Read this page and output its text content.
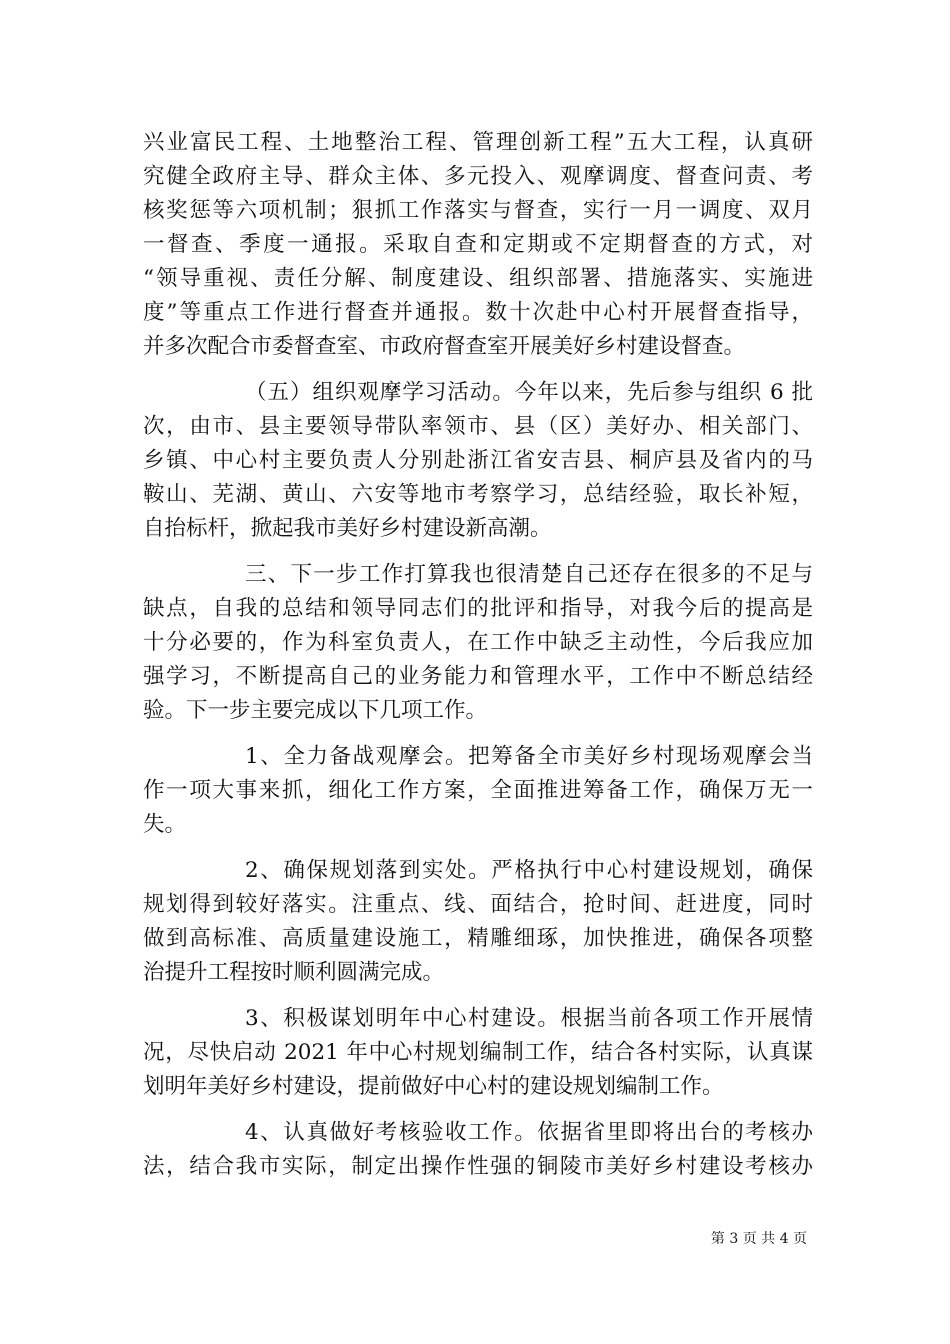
兴业富民工程、土地整治工程、管理创新工程”五大工程，认真研
究健全政府主导、群众主体、多元投入、观摩调度、督查问责、考
核奖惩等六项机制；狠抓工作落实与督查，实行一月一调度、双月
一督查、季度一通报。采取自查和定期或不定期督查的方式，对
“领导重视、责任分解、制度建设、组织部署、措施落实、实施进
度”等重点工作进行督查并通报。数十次赴中心村开展督查指导，
并多次配合市委督查室、市政府督查室开展美好乡村建设督查。
（五）组织观摩学习活动。今年以来，先后参与组织 6 批
次，由市、县主要领导带队率领市、县（区）美好办、相关部门、
乡镇、中心村主要负责人分别赴浙江省安吉县、桐庐县及省内的马
鞍山、芜湖、黄山、六安等地市考察学习，总结经验，取长补短，
自抬标杆，掀起我市美好乡村建设新高潮。
三、下一步工作打算我也很清楚自己还存在很多的不足与
缺点，自我的总结和领导同志们的批评和指导，对我今后的提高是
十分必要的，作为科室负责人，在工作中缺乏主动性，今后我应加
强学习，不断提高自己的业务能力和管理水平，工作中不断总结经
验。下一步主要完成以下几项工作。
1、全力备战观摩会。把筹备全市美好乡村现场观摩会当
作一项大事来抓，细化工作方案，全面推进筹备工作，确保万无一
失。
2、确保规划落到实处。严格执行中心村建设规划，确保
规划得到较好落实。注重点、线、面结合，抢时间、赶进度，同时
做到高标准、高质量建设施工，精雕细琢，加快推进，确保各项整
治提升工程按时顺利圆满完成。
3、积极谋划明年中心村建设。根据当前各项工作开展情
况，尽快启动 2021 年中心村规划编制工作，结合各村实际，认真谋
划明年美好乡村建设，提前做好中心村的建设规划编制工作。
4、认真做好考核验收工作。依据省里即将出台的考核办
法，结合我市实际，制定出操作性强的铜陵市美好乡村建设考核办
第 3 页 共 4 页
